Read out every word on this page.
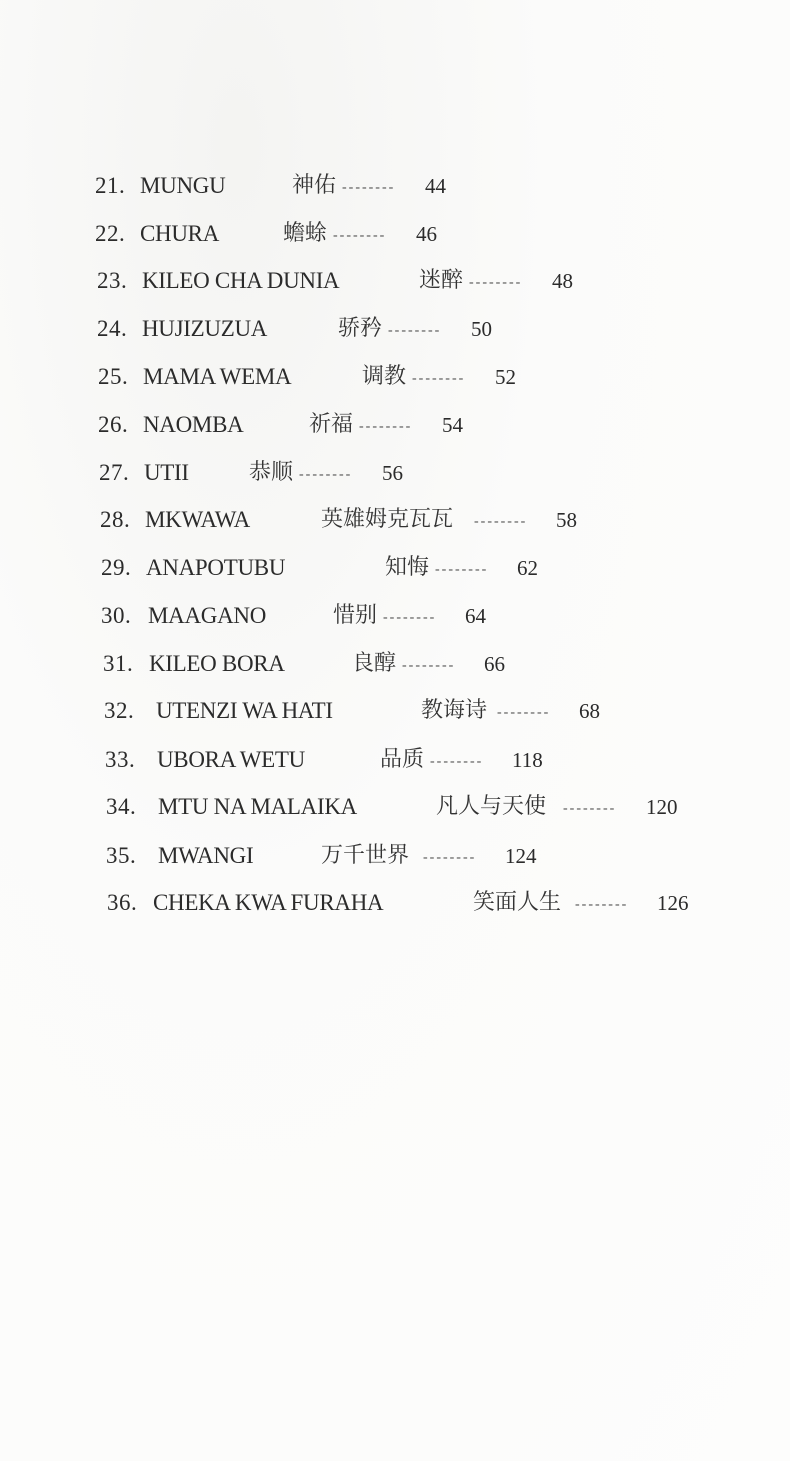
21. MUNGU	神佑 -------- 44
22. CHURA	蟾蜍 -------- 46
23. KILEO CHA DUNIA	迷醉 -------- 48
24. HUJIZUZUA	骄矜 -------- 50
25. MAMA WEMA	调教 -------- 52
26. NAOMBA	祈福 -------- 54
27. UTII	恭顺 -------- 56
28. MKWAWA	英雄姆克瓦瓦 -------- 58
29. ANAPOTUBU	知悔 -------- 62
30. MAAGANO	惜别 -------- 64
31. KILEO BORA	良醇 -------- 66
32. UTENZI WA HATI	教诲诗 -------- 68
33. UBORA WETU	品质 -------- 118
34. MTU NA MALAIKA	凡人与天使 -------- 120
35. MWANGI	万千世界 -------- 124
36. CHEKA KWA FURAHA	笑面人生 -------- 126
